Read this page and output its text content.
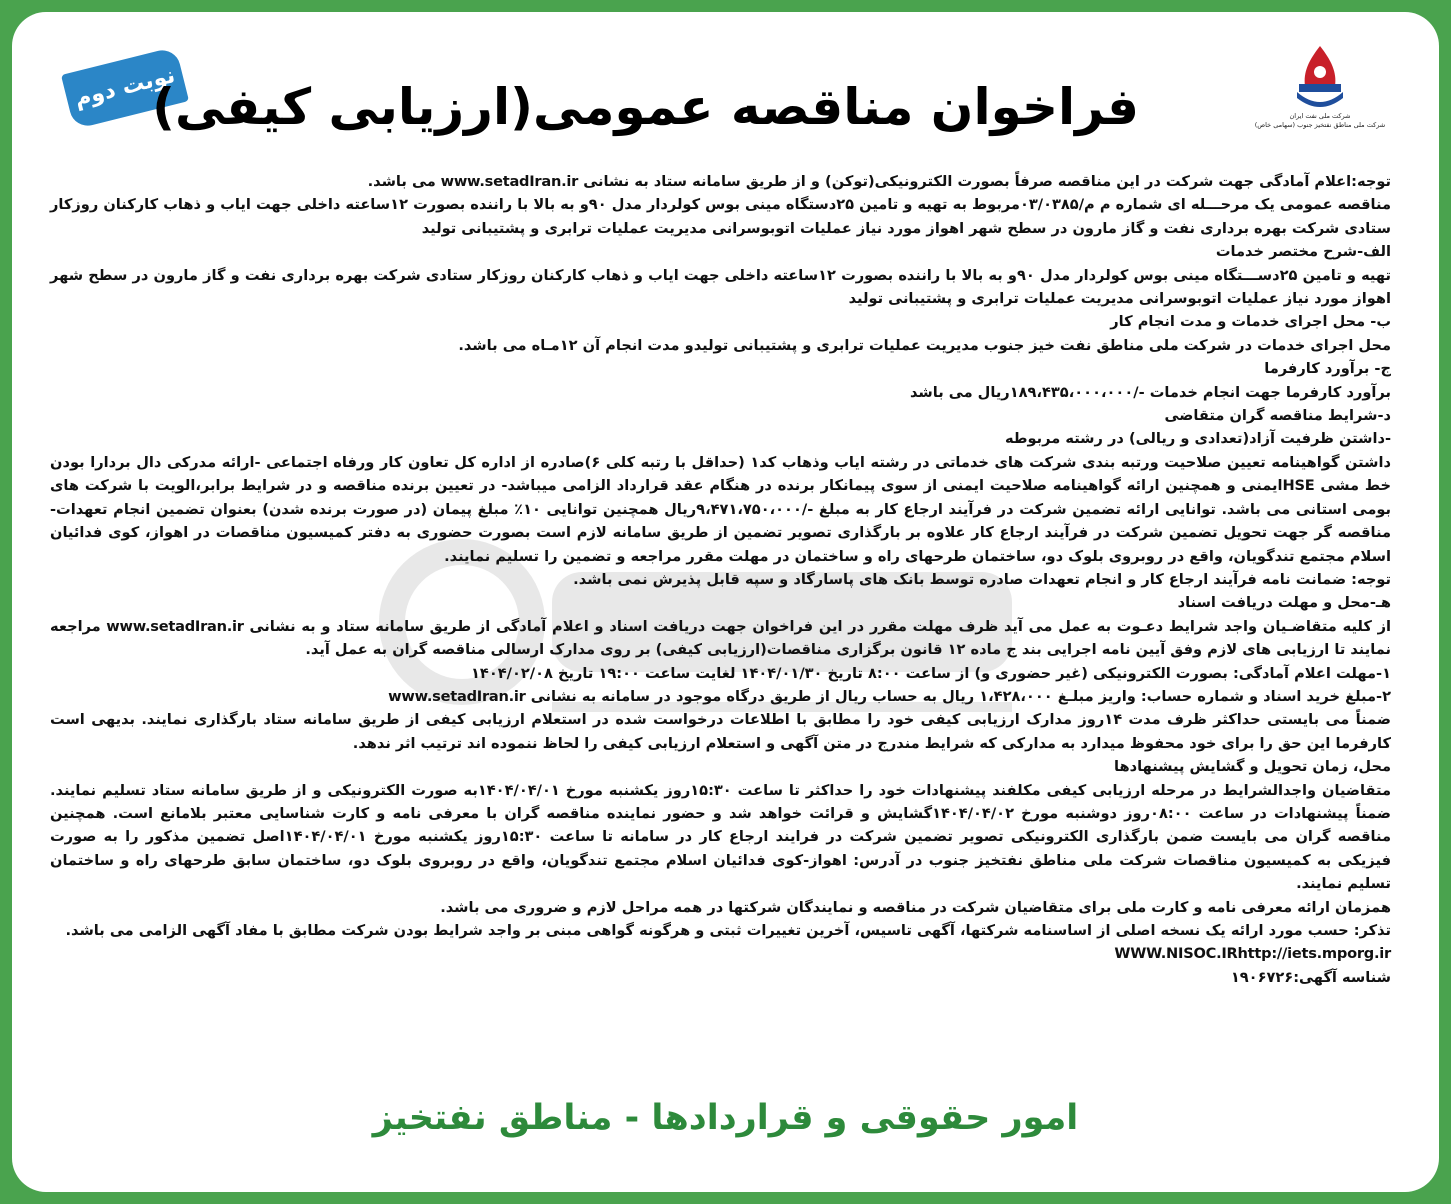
شرکت ملی نفت ایران
شرکت ملی مناطق نفتخیز جنوب (سهامی خاص)
نوبت دوم
فراخوان مناقصه عمومی(ارزیابی کیفی)

توجه:اعلام آمادگی جهت شرکت در این مناقصه صرفاً بصورت الکترونیکی(توکن) و از طریق سامانه ستاد به نشانی www.setadIran.ir می باشد.

مناقصه عمومی یک مرحـــله ای شماره م م/۰۳/۰۳۸۵مربوط به تهیه و تامین ۲۵دستگاه مینی بوس کولردار مدل ۹۰و به بالا با راننده بصورت ۱۲ساعته داخلی جهت ایاب و ذهاب کارکنان روزکار ستادی شرکت بهره برداری نفت و گاز مارون در سطح شهر اهواز مورد نیاز عملیات اتوبوسرانی مدیریت عملیات ترابری و پشتیبانی تولید

الف-شرح مختصر خدمات

تهیه و تامین ۲۵دســـتگاه مینی بوس کولردار مدل ۹۰و به بالا با راننده بصورت ۱۲ساعته داخلی جهت ایاب و ذهاب کارکنان روزکار ستادی شرکت بهره برداری نفت و گاز مارون در سطح شهر اهواز مورد نیاز عملیات اتوبوسرانی مدیریت عملیات ترابری و پشتیبانی تولید

ب- محل اجرای خدمات و مدت انجام کار

محل اجرای خدمات در شرکت ملی مناطق نفت خیز جنوب مدیریت عملیات ترابری و پشتیبانی تولیدو مدت انجام آن ۱۲مـاه می باشد.

ج- برآورد کارفرما

برآورد کارفرما جهت انجام خدمات -/۱۸۹،۴۳۵،۰۰۰،۰۰۰ریال می باشد

د-شرایط مناقصه گران متقاضی

-داشتن ظرفیت آزاد(تعدادی و ریالی) در رشته مربوطه

داشتن گواهینامه تعیین صلاحیت ورتبه بندی شرکت های خدماتی در رشته ایاب وذهاب کد۱ (حداقل با رتبه کلی ۶)صادره از اداره کل تعاون کار ورفاه اجتماعی -ارائه مدرکی دال بردارا بودن خط مشی HSEایمنی و همچنین ارائه گواهینامه صلاحیت ایمنی از سوی پیمانکار برنده در هنگام عقد قرارداد الزامی میباشد- در تعیین برنده مناقصه و در شرایط برابر،الویت با شرکت های بومی استانی می باشد. توانایی ارائه تضمین شرکت در فرآیند ارجاع کار به مبلغ -/۹،۴۷۱،۷۵۰،۰۰۰ریال همچنین توانایی ۱۰٪ مبلغ پیمان (در صورت برنده شدن) بعنوان تضمین انجام تعهدات-مناقصه گر جهت تحویل تضمین شرکت در فرآیند ارجاع کار علاوه بر بارگذاری تصویر تضمین از طریق سامانه لازم است بصورت حضوری به دفتر کمیسیون مناقصات در اهواز، کوی فدائیان اسلام مجتمع تندگویان، واقع در روبروی بلوک دو، ساختمان طرحهای راه و ساختمان در مهلت مقرر مراجعه و تضمین را تسلیم نمایند.

توجه: ضمانت نامه فرآیند ارجاع کار و انجام تعهدات صادره توسط بانک های پاسارگاد و سپه قابل پذیرش نمی باشد.

هـ-محل و مهلت دریافت اسناد

از کلیه متقاضـیان واجد شرایط دعـوت به عمل می آید ظرف مهلت مقرر در این فراخوان جهت دریافت اسناد و اعلام آمادگی از طریق سامانه ستاد و به نشانی www.setadIran.ir مراجعه نمایند تا ارزیابی های لازم وفق آیین نامه اجرایی بند ج ماده ۱۲ قانون برگزاری مناقصات(ارزیابی کیفی) بر روی مدارک ارسالی مناقصه گران به عمل آید.

۱-مهلت اعلام آمادگی: بصورت الکترونیکی (غیر حضوری و) از ساعت ۸:۰۰ تاریخ ۱۴۰۴/۰۱/۳۰ لغایت ساعت ۱۹:۰۰ تاریخ ۱۴۰۴/۰۲/۰۸

۲-مبلغ خرید اسناد و شماره حساب: واریز مبلـغ ۱،۴۲۸،۰۰۰ ریال به حساب ریال از طریق درگاه موجود در سامانه به نشانی www.setadIran.ir

ضمناً می بایستی حداکثر ظرف مدت ۱۴روز مدارک ارزیابی کیفی خود را مطابق با اطلاعات درخواست شده در استعلام ارزیابی کیفی از طریق سامانه ستاد بارگذاری نمایند. بدیهی است کارفرما این حق را برای خود محفوظ میدارد به مدارکی که شرایط مندرج در متن آگهی و استعلام ارزیابی کیفی را لحاظ ننموده اند ترتیب اثر ندهد.

محل، زمان تحویل و گشایش پیشنهادها

متقاضیان واجدالشرایط در مرحله ارزیابی کیفی مکلفند پیشنهادات خود را حداکثر تا ساعت ۱۵:۳۰روز یکشنبه مورخ ۱۴۰۴/۰۴/۰۱به صورت الکترونیکی و از طریق سامانه ستاد تسلیم نمایند. ضمناً پیشنهادات در ساعت ۰۸:۰۰روز دوشنبه مورخ ۱۴۰۴/۰۴/۰۲گشایش و قرائت خواهد شد و حضور نماینده مناقصه گران با معرفی نامه و کارت شناسایی معتبر بلامانع است. همچنین مناقصه گران می بایست ضمن بارگذاری الکترونیکی تصویر تضمین شرکت در فرایند ارجاع کار در سامانه تا ساعت ۱۵:۳۰روز یکشنبه مورخ ۱۴۰۴/۰۴/۰۱اصل تضمین مذکور را به صورت فیزیکی به کمیسیون مناقصات شرکت ملی مناطق نفتخیز جنوب در آدرس: اهواز-کوی فدائیان اسلام مجتمع تندگویان، واقع در روبروی بلوک دو، ساختمان سابق طرحهای راه و ساختمان تسلیم نمایند.

همزمان ارائه معرفی نامه و کارت ملی برای متقاضیان شرکت در مناقصه و نمایندگان شرکتها در همه مراحل لازم و ضروری می باشد.

تذکر: حسب مورد ارائه یک نسخه اصلی از اساسنامه شرکتها، آگهی تاسیس، آخرین تغییرات ثبتی و هرگونه گواهی مبنی بر واجد شرایط بودن شرکت مطابق با مفاد آگهی الزامی می باشد.

WWW.NISOC.IRhttp://iets.mporg.ir

شناسه آگهی:۱۹۰۶۷۲۶

امور حقوقی و قراردادها - مناطق نفتخیز
